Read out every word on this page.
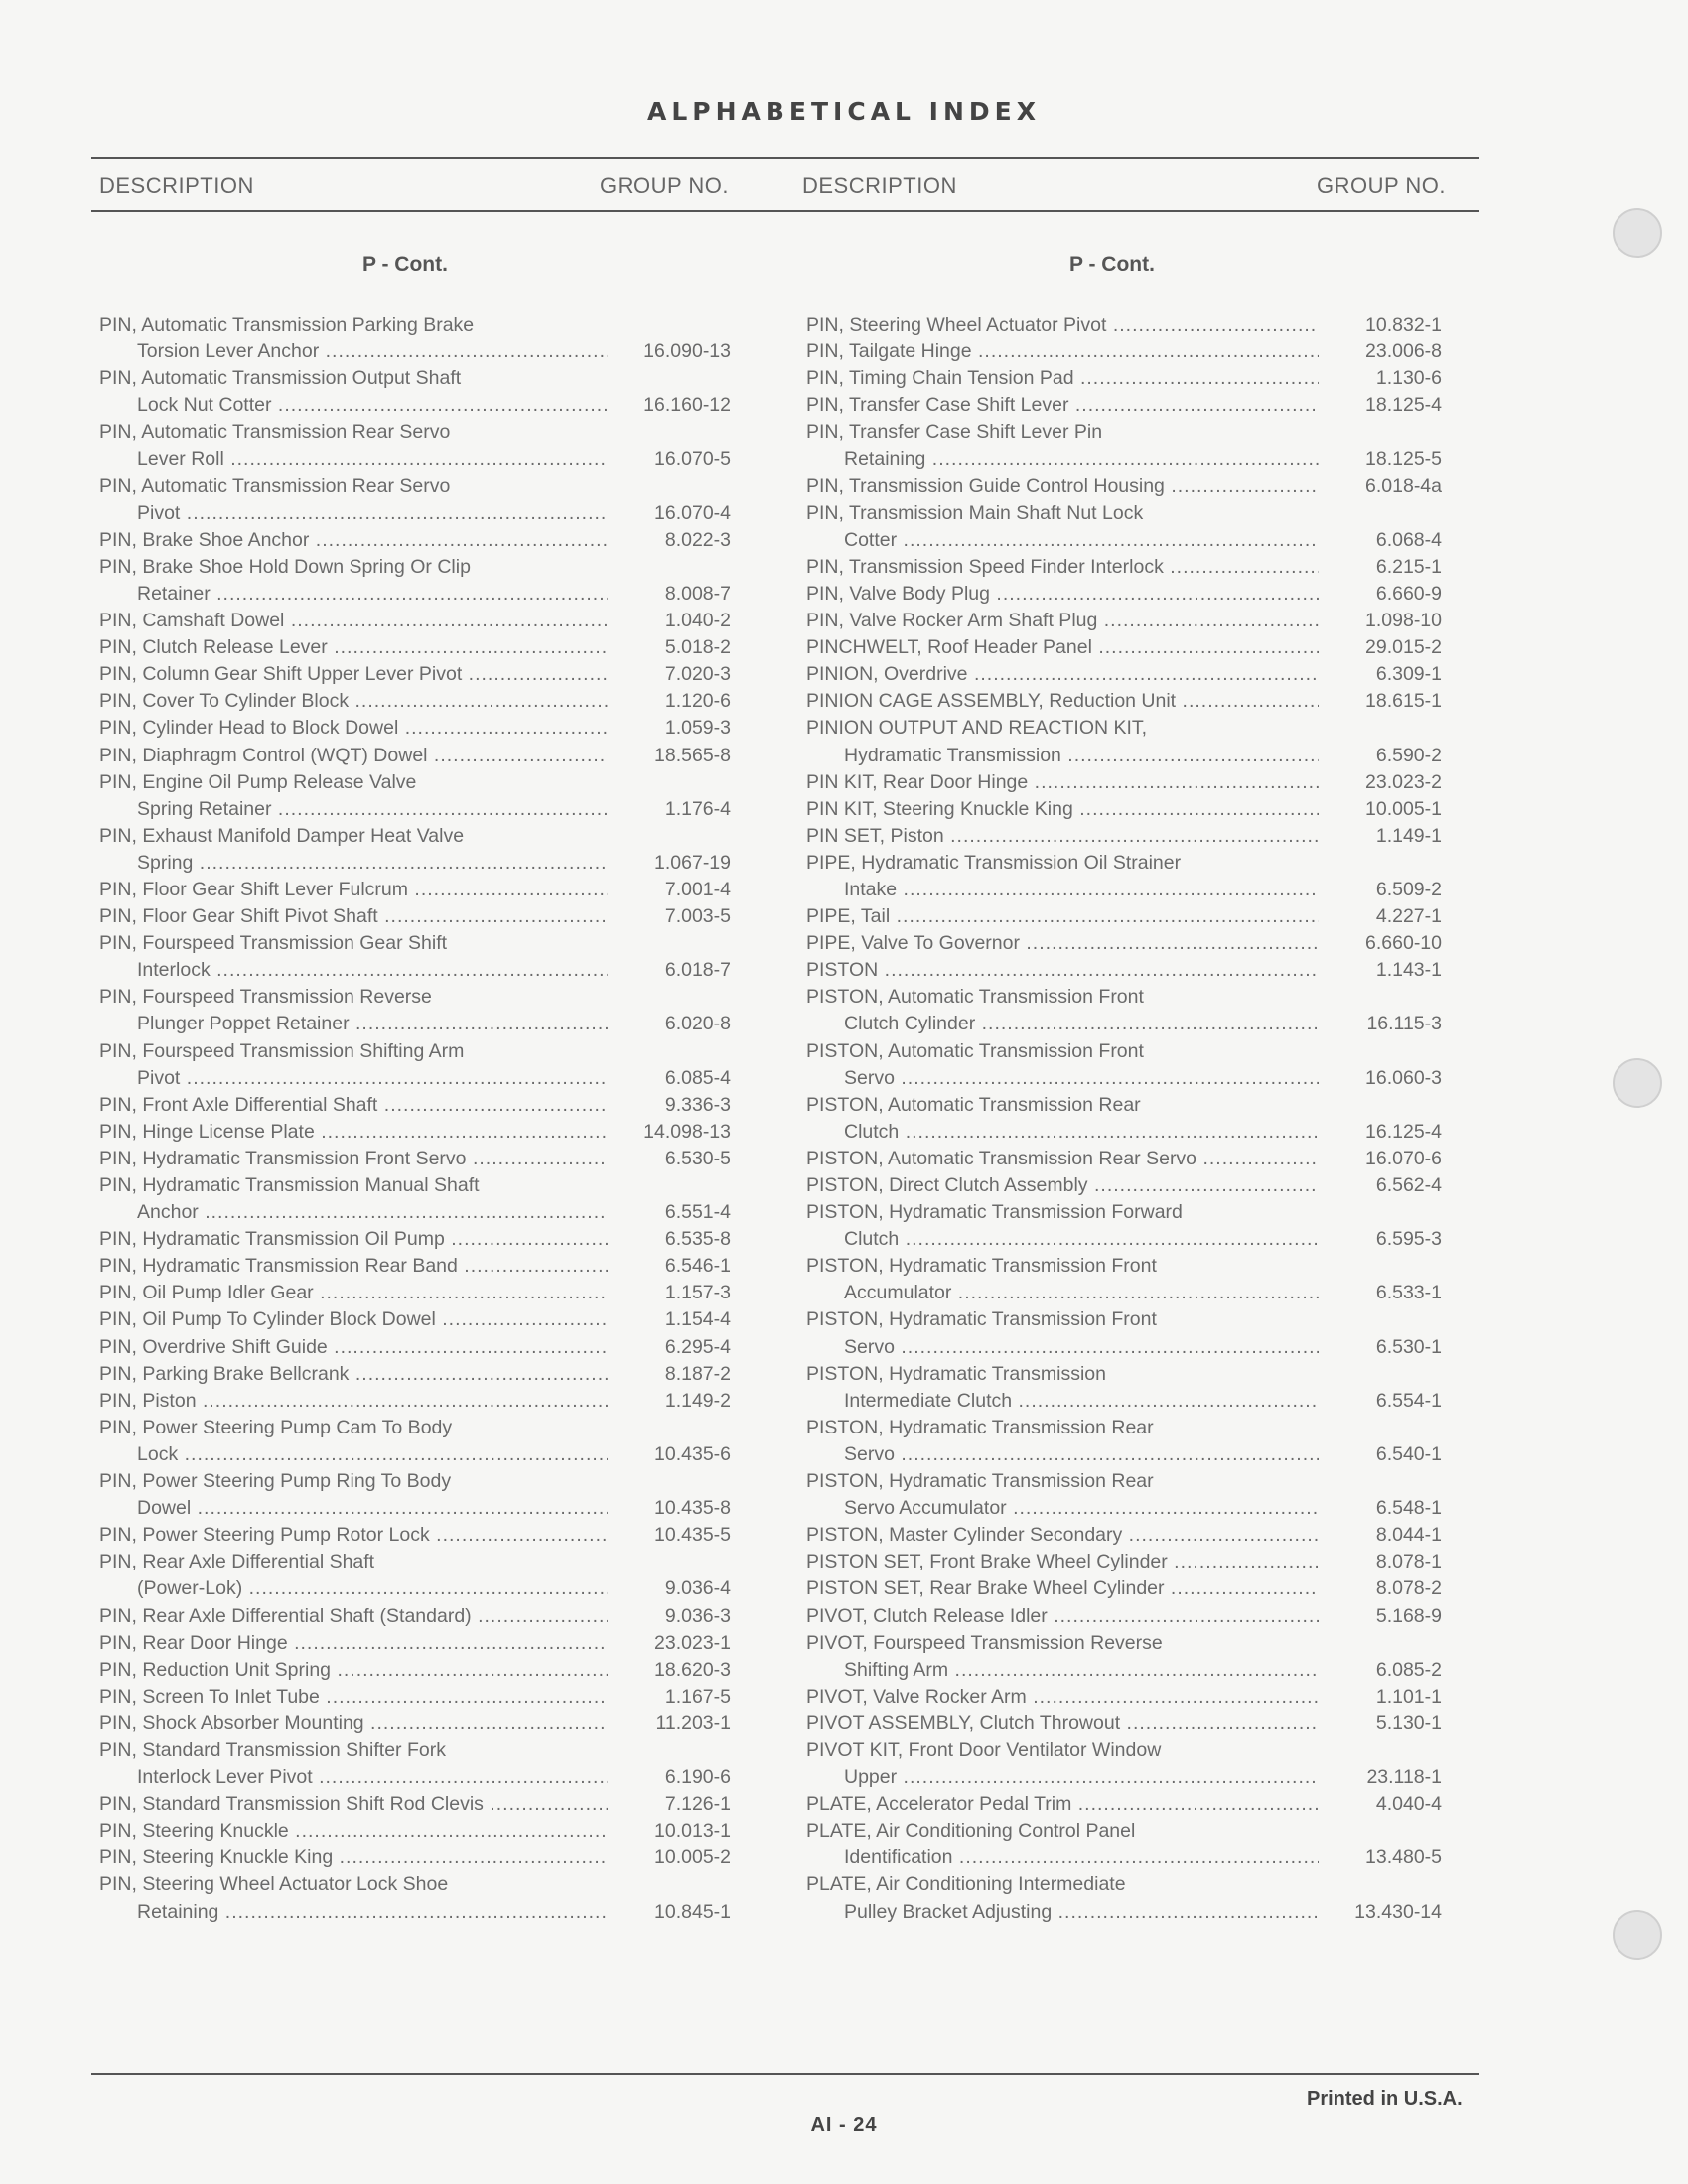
ALPHABETICAL INDEX
DESCRIPTION	GROUP NO.	DESCRIPTION	GROUP NO.
P - Cont.	P - Cont.
PIN, Automatic Transmission Parking Brake
Torsion Lever Anchor .....	16.090-13
PIN, Automatic Transmission Output Shaft
Lock Nut Cotter .....	16.160-12
PIN, Automatic Transmission Rear Servo
Lever Roll .....	16.070-5
PIN, Automatic Transmission Rear Servo
Pivot .....	16.070-4
PIN, Brake Shoe Anchor .....	8.022-3
PIN, Brake Shoe Hold Down Spring Or Clip
Retainer .....	8.008-7
PIN, Camshaft Dowel .....	1.040-2
PIN, Clutch Release Lever .....	5.018-2
PIN, Column Gear Shift Upper Lever Pivot .....	7.020-3
PIN, Cover To Cylinder Block .....	1.120-6
PIN, Cylinder Head to Block Dowel .....	1.059-3
PIN, Diaphragm Control (WQT) Dowel .....	18.565-8
PIN, Engine Oil Pump Release Valve
Spring Retainer .....	1.176-4
PIN, Exhaust Manifold Damper Heat Valve
Spring .....	1.067-19
PIN, Floor Gear Shift Lever Fulcrum .....	7.001-4
PIN, Floor Gear Shift Pivot Shaft .....	7.003-5
PIN, Fourspeed Transmission Gear Shift
Interlock .....	6.018-7
PIN, Fourspeed Transmission Reverse
Plunger Poppet Retainer .....	6.020-8
PIN, Fourspeed Transmission Shifting Arm
Pivot .....	6.085-4
PIN, Front Axle Differential Shaft .....	9.336-3
PIN, Hinge License Plate .....	14.098-13
PIN, Hydramatic Transmission Front Servo .....	6.530-5
PIN, Hydramatic Transmission Manual Shaft
Anchor .....	6.551-4
PIN, Hydramatic Transmission Oil Pump .....	6.535-8
PIN, Hydramatic Transmission Rear Band .....	6.546-1
PIN, Oil Pump Idler Gear .....	1.157-3
PIN, Oil Pump To Cylinder Block Dowel .....	1.154-4
PIN, Overdrive Shift Guide .....	6.295-4
PIN, Parking Brake Bellcrank .....	8.187-2
PIN, Piston .....	1.149-2
PIN, Power Steering Pump Cam To Body
Lock .....	10.435-6
PIN, Power Steering Pump Ring To Body
Dowel .....	10.435-8
PIN, Power Steering Pump Rotor Lock .....	10.435-5
PIN, Rear Axle Differential Shaft
(Power-Lok) .....	9.036-4
PIN, Rear Axle Differential Shaft (Standard) .....	9.036-3
PIN, Rear Door Hinge .....	23.023-1
PIN, Reduction Unit Spring .....	18.620-3
PIN, Screen To Inlet Tube .....	1.167-5
PIN, Shock Absorber Mounting .....	11.203-1
PIN, Standard Transmission Shifter Fork
Interlock Lever Pivot .....	6.190-6
PIN, Standard Transmission Shift Rod Clevis .....	7.126-1
PIN, Steering Knuckle .....	10.013-1
PIN, Steering Knuckle King .....	10.005-2
PIN, Steering Wheel Actuator Lock Shoe
Retaining .....	10.845-1
PIN, Steering Wheel Actuator Pivot .....	10.832-1
PIN, Tailgate Hinge .....	23.006-8
PIN, Timing Chain Tension Pad .....	1.130-6
PIN, Transfer Case Shift Lever .....	18.125-4
PIN, Transfer Case Shift Lever Pin
Retaining .....	18.125-5
PIN, Transmission Guide Control Housing .....	6.018-4a
PIN, Transmission Main Shaft Nut Lock
Cotter .....	6.068-4
PIN, Transmission Speed Finder Interlock .....	6.215-1
PIN, Valve Body Plug .....	6.660-9
PIN, Valve Rocker Arm Shaft Plug .....	1.098-10
PINCHWELT, Roof Header Panel .....	29.015-2
PINION, Overdrive .....	6.309-1
PINION CAGE ASSEMBLY, Reduction Unit .....	18.615-1
PINION OUTPUT AND REACTION KIT,
Hydramatic Transmission .....	6.590-2
PIN KIT, Rear Door Hinge .....	23.023-2
PIN KIT, Steering Knuckle King .....	10.005-1
PIN SET, Piston .....	1.149-1
PIPE, Hydramatic Transmission Oil Strainer
Intake .....	6.509-2
PIPE, Tail .....	4.227-1
PIPE, Valve To Governor .....	6.660-10
PISTON .....	1.143-1
PISTON, Automatic Transmission Front
Clutch Cylinder .....	16.115-3
PISTON, Automatic Transmission Front
Servo .....	16.060-3
PISTON, Automatic Transmission Rear
Clutch .....	16.125-4
PISTON, Automatic Transmission Rear Servo .....	16.070-6
PISTON, Direct Clutch Assembly .....	6.562-4
PISTON, Hydramatic Transmission Forward
Clutch .....	6.595-3
PISTON, Hydramatic Transmission Front
Accumulator .....	6.533-1
PISTON, Hydramatic Transmission Front
Servo .....	6.530-1
PISTON, Hydramatic Transmission
Intermediate Clutch .....	6.554-1
PISTON, Hydramatic Transmission Rear
Servo .....	6.540-1
PISTON, Hydramatic Transmission Rear
Servo Accumulator .....	6.548-1
PISTON, Master Cylinder Secondary .....	8.044-1
PISTON SET, Front Brake Wheel Cylinder .....	8.078-1
PISTON SET, Rear Brake Wheel Cylinder .....	8.078-2
PIVOT, Clutch Release Idler .....	5.168-9
PIVOT, Fourspeed Transmission Reverse
Shifting Arm .....	6.085-2
PIVOT, Valve Rocker Arm .....	1.101-1
PIVOT ASSEMBLY, Clutch Throwout .....	5.130-1
PIVOT KIT, Front Door Ventilator Window
Upper .....	23.118-1
PLATE, Accelerator Pedal Trim .....	4.040-4
PLATE, Air Conditioning Control Panel
Identification .....	13.480-5
PLATE, Air Conditioning Intermediate
Pulley Bracket Adjusting .....	13.430-14
Printed in U.S.A.
AI - 24
